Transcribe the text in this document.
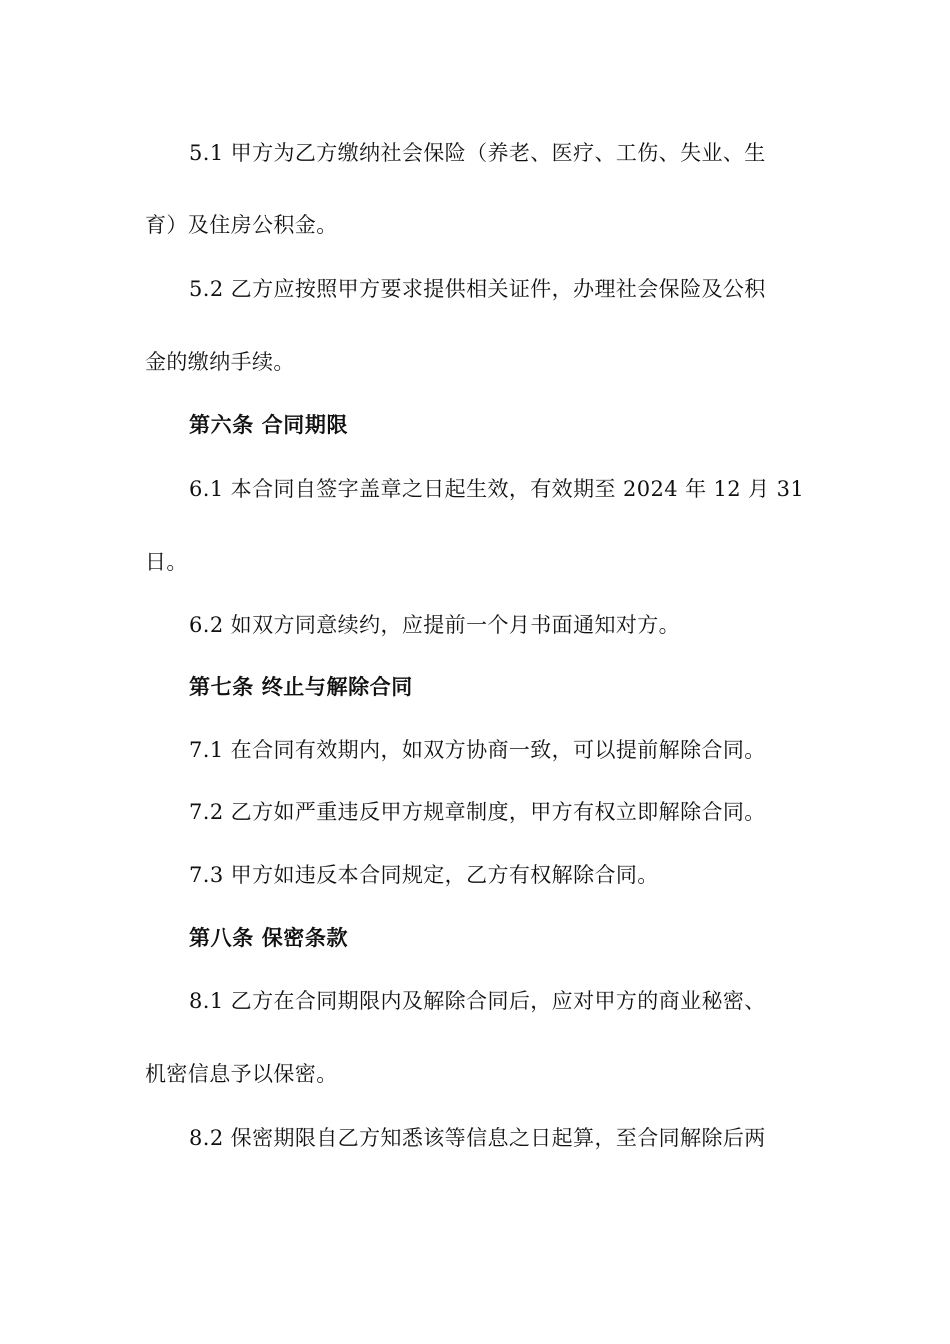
5.1 甲方为乙方缴纳社会保险（养老、医疗、工伤、失业、生
育）及住房公积金。
5.2 乙方应按照甲方要求提供相关证件，办理社会保险及公积
金的缴纳手续。
第六条 合同期限
6.1 本合同自签字盖章之日起生效，有效期至 2024 年 12 月 31
日。
6.2 如双方同意续约，应提前一个月书面通知对方。
第七条 终止与解除合同
7.1 在合同有效期内，如双方协商一致，可以提前解除合同。
7.2 乙方如严重违反甲方规章制度，甲方有权立即解除合同。
7.3 甲方如违反本合同规定，乙方有权解除合同。
第八条 保密条款
8.1 乙方在合同期限内及解除合同后，应对甲方的商业秘密、
机密信息予以保密。
8.2 保密期限自乙方知悉该等信息之日起算，至合同解除后两
